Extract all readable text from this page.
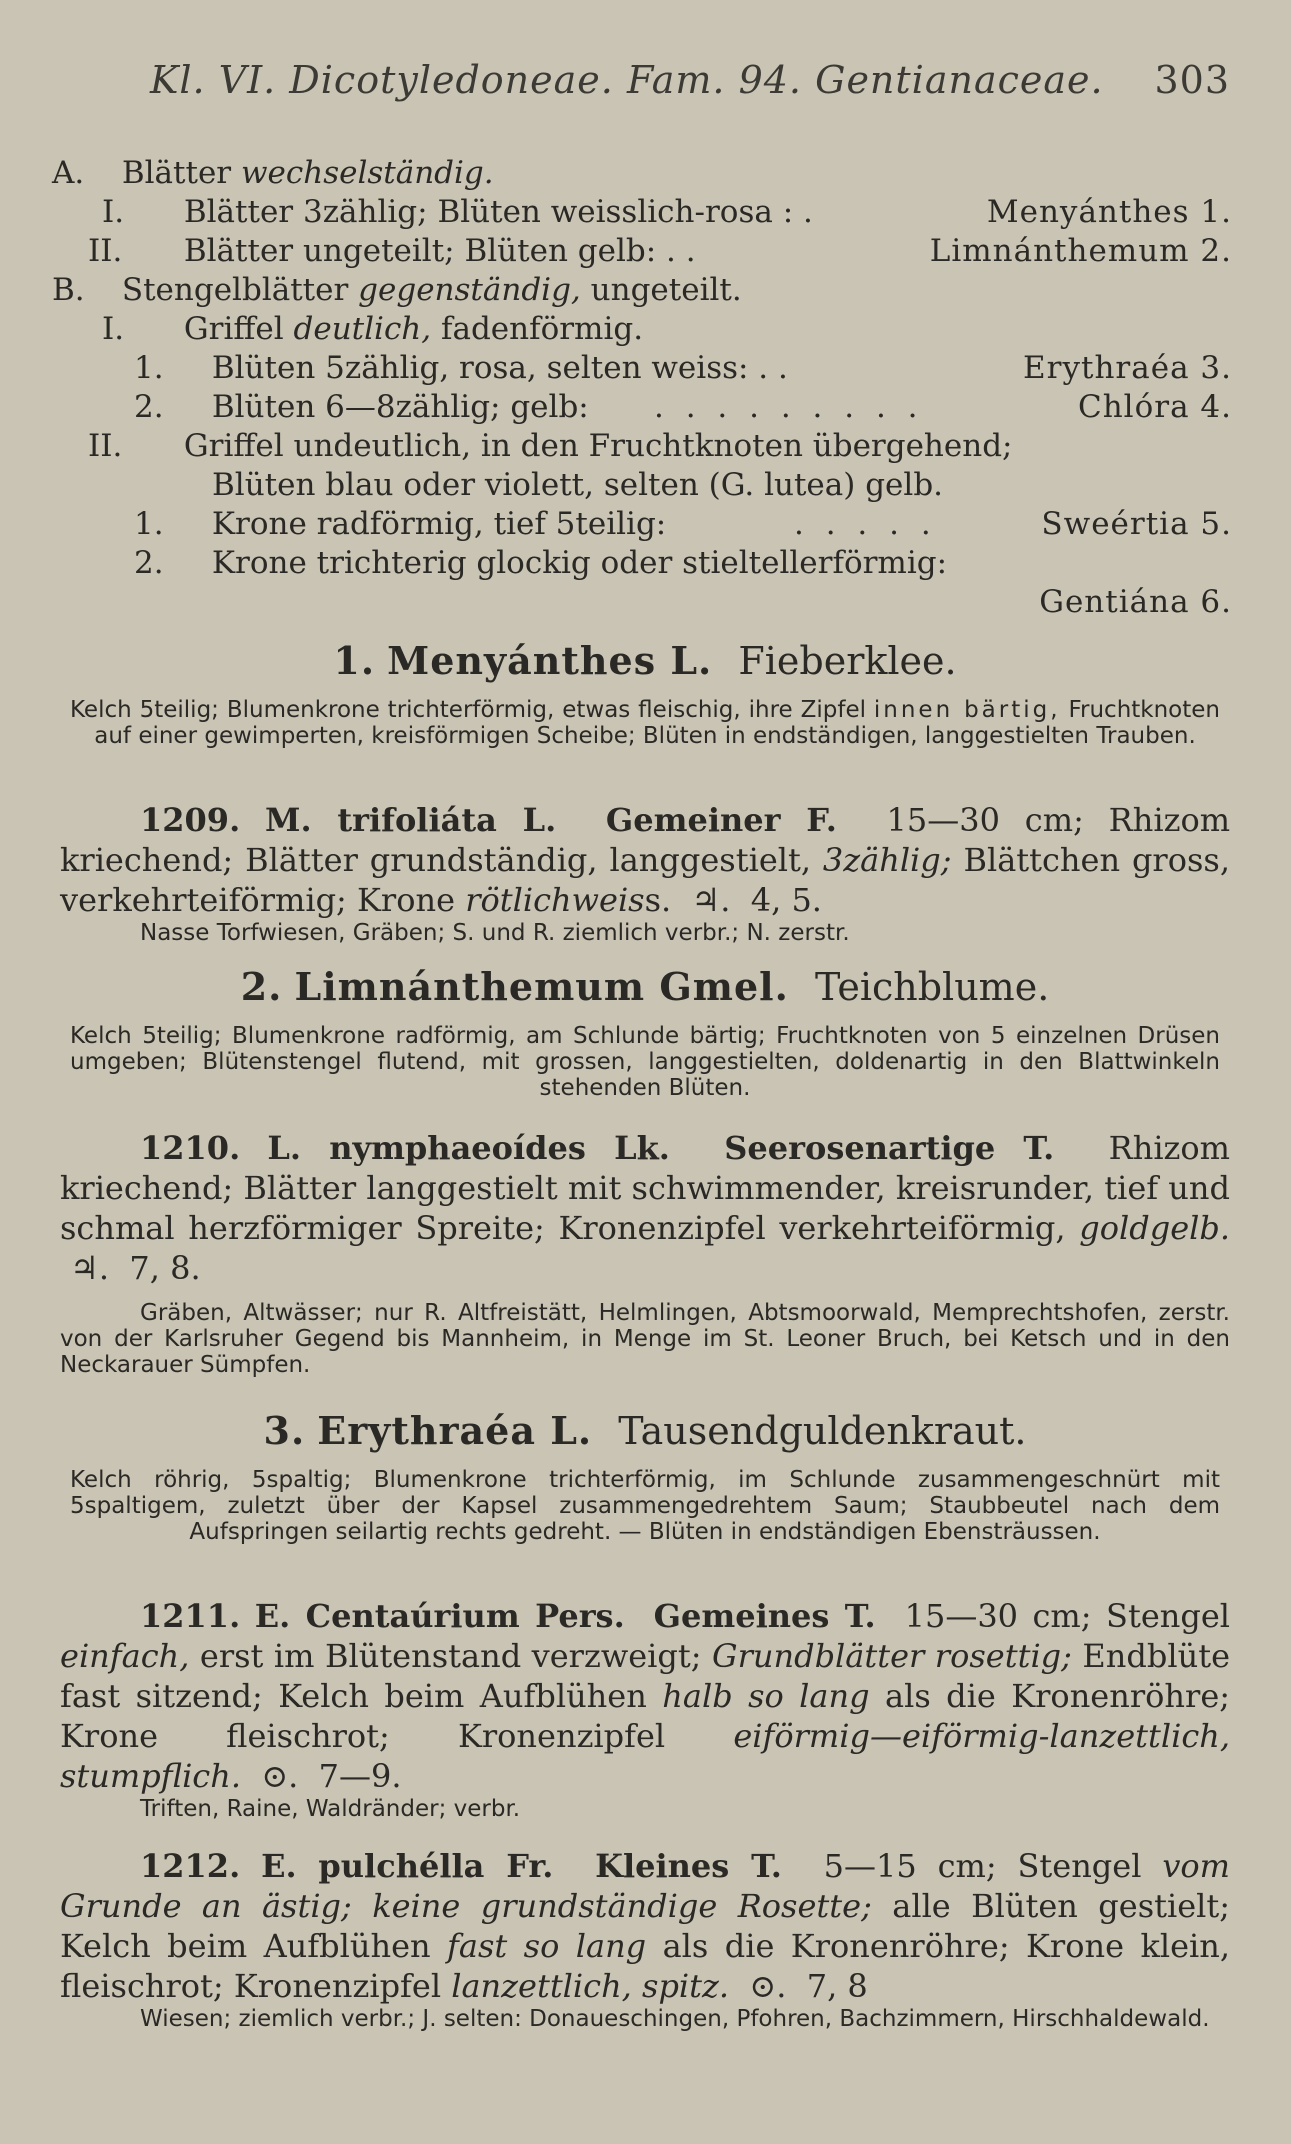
Kl. VI. Dicotyledoneae. Fam. 94. Gentianaceae. 303
A. Blätter wechselständig.
I. Blätter 3zählig; Blüten weisslich-rosa : .	Menyánthes 1.
II. Blätter ungeteilt; Blüten gelb: . .	Limnánthemum 2.
B. Stengelblätter gegenständig, ungeteilt.
I. Griffel deutlich, fadenförmig.
1. Blüten 5zählig, rosa, selten weiss: . .	Erythraéa 3.
2. Blüten 6—8zählig; gelb: . . . . . . . . .	Chlóra 4.
II. Griffel undeutlich, in den Fruchtknoten übergehend;
Blüten blau oder violett, selten (G. lutea) gelb.
1. Krone radförmig, tief 5teilig:	. . . . .	Sweértia 5.
2. Krone trichterig glockig oder stieltellerförmig:
Gentiána 6.
1. Menyánthes L. Fieberklee.
Kelch 5teilig; Blumenkrone trichterförmig, etwas fleischig, ihre Zipfel innen bärtig, Fruchtknoten auf einer gewimperten, kreisförmigen Scheibe; Blüten in endständigen, langgestielten Trauben.
1209. M. trifoliáta L. Gemeiner F. 15—30 cm; Rhizom kriechend; Blätter grundständig, langgestielt, 3zählig; Blättchen gross, verkehrteiförmig; Krone rötlichweiss. ♃. 4, 5.
Nasse Torfwiesen, Gräben; S. und R. ziemlich verbr.; N. zerstr.
2. Limnánthemum Gmel. Teichblume.
Kelch 5teilig; Blumenkrone radförmig, am Schlunde bärtig; Fruchtknoten von 5 einzelnen Drüsen umgeben; Blütenstengel flutend, mit grossen, langgestielten, doldenartig in den Blattwinkeln stehenden Blüten.
1210. L. nymphaeoídes Lk. Seerosenartige T. Rhizom kriechend; Blätter langgestielt mit schwimmender, kreisrunder, tief und schmal herzförmiger Spreite; Kronenzipfel verkehrteiförmig, goldgelb.  ♃. 7, 8.
Gräben, Altwässer; nur R. Altfreistätt, Helmlingen, Abtsmoorwald, Memprechtshofen, zerstr. von der Karlsruher Gegend bis Mannheim, in Menge im St. Leoner Bruch, bei Ketsch und in den Neckarauer Sümpfen.
3. Erythraéa L. Tausendguldenkraut.
Kelch röhrig, 5spaltig; Blumenkrone trichterförmig, im Schlunde zusammengeschnürt mit 5spaltigem, zuletzt über der Kapsel zusammengedrehtem Saum; Staubbeutel nach dem Aufspringen seilartig rechts gedreht. — Blüten in endständigen Ebensträussen.
1211. E. Centaúrium Pers. Gemeines T. 15—30 cm; Stengel einfach, erst im Blütenstand verzweigt; Grundblätter rosettig; Endblüte fast sitzend; Kelch beim Aufblühen halb so lang als die Kronenröhre; Krone fleischrot; Kronenzipfel eiförmig—eiförmig-lanzettlich, stumpflich. ⊙. 7—9.
Triften, Raine, Waldränder; verbr.
1212. E. pulchélla Fr. Kleines T. 5—15 cm; Stengel vom Grunde an ästig; keine grundständige Rosette; alle Blüten gestielt; Kelch beim Aufblühen fast so lang als die Kronenröhre; Krone klein, fleischrot; Kronenzipfel lanzettlich, spitz. ⊙. 7, 8
Wiesen; ziemlich verbr.; J. selten: Donaueschingen, Pfohren, Bachzimmern, Hirschhaldewald.
